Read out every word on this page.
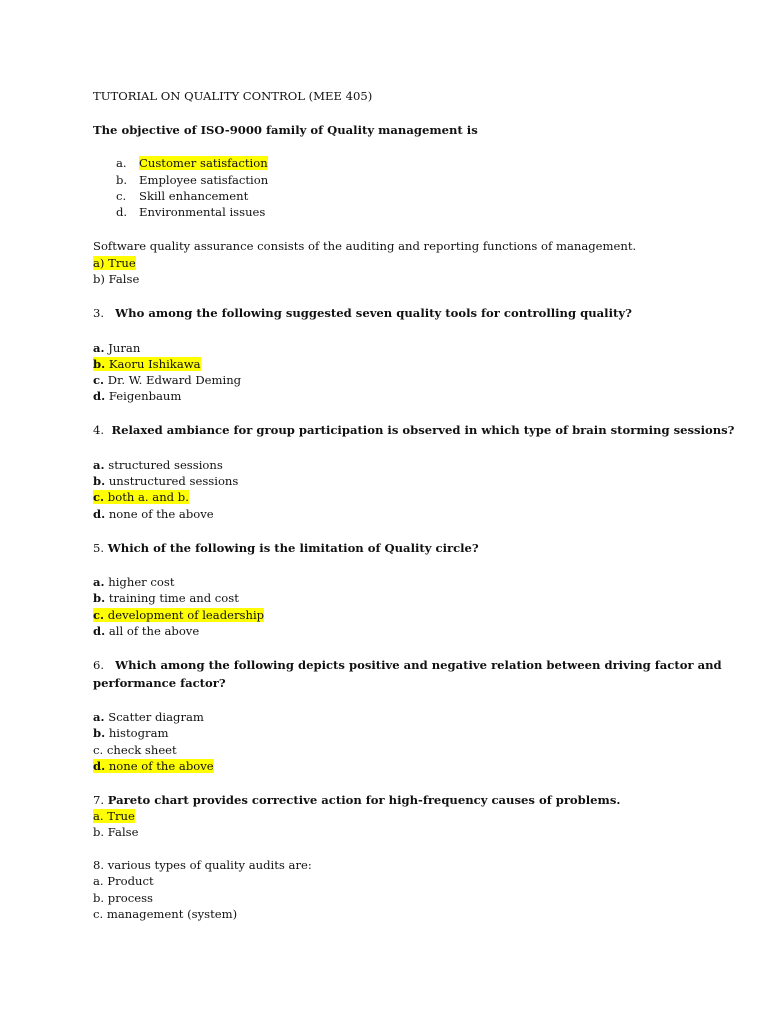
TUTORIAL ON QUALITY CONTROL (MEE 405)
The objective of ISO-9000 family of Quality management is
a. Customer satisfaction
b. Employee satisfaction
c. Skill enhancement
d. Environmental issues
Software quality assurance consists of the auditing and reporting functions of management.
a) True
b) False
3. Who among the following suggested seven quality tools for controlling quality?
a. Juran
b. Kaoru Ishikawa
c. Dr. W. Edward Deming
d. Feigenbaum
4. Relaxed ambiance for group participation is observed in which type of brain storming sessions?
a. structured sessions
b. unstructured sessions
c. both a. and b.
d. none of the above
5. Which of the following is the limitation of Quality circle?
a. higher cost
b. training time and cost
c. development of leadership
d. all of the above
6. Which among the following depicts positive and negative relation between driving factor and
performance factor?
a. Scatter diagram
b. histogram
c. check sheet
d. none of the above
7. Pareto chart provides corrective action for high-frequency causes of problems.
a. True
b. False
8. various types of quality audits are:
a. Product
b. process
c. management (system)
